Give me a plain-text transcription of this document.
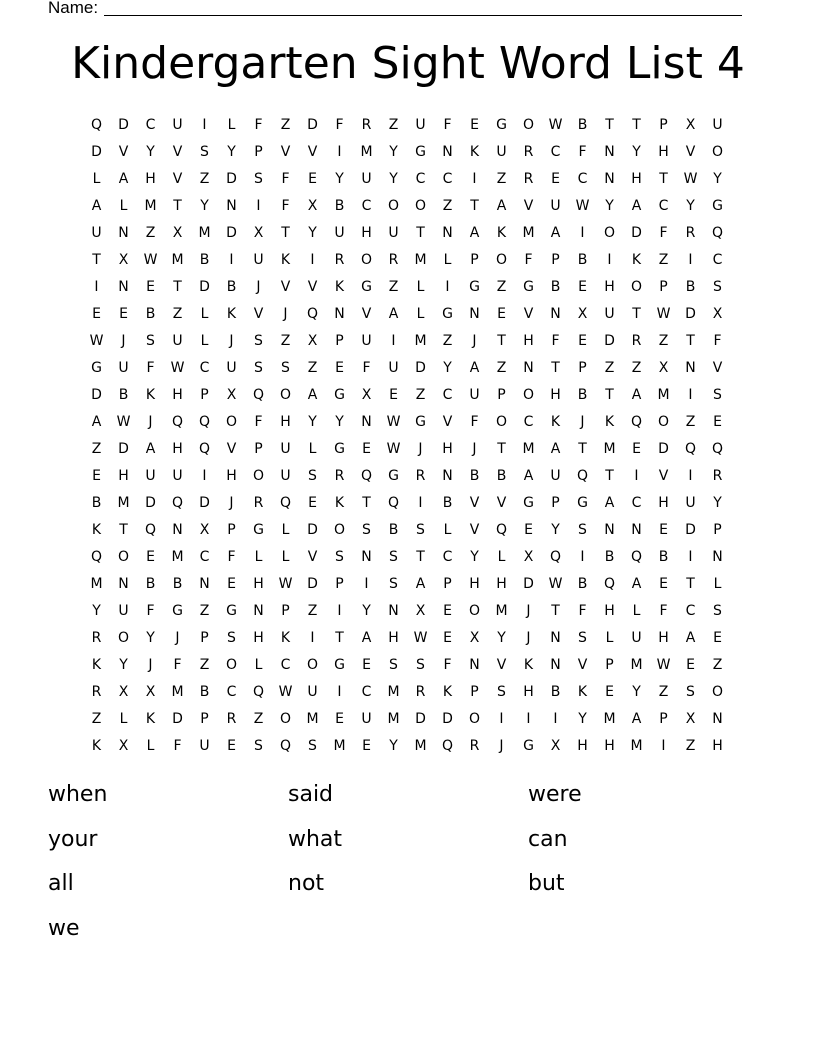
Name:
Kindergarten Sight Word List 4
Q	D	C	U	I	L	F	Z	D	F	R	Z	U	F	E	G	O	W	B	T	T	P	X	U
D	V	Y	V	S	Y	P	V	V	I	M	Y	G	N	K	U	R	C	F	N	Y	H	V	O
L	A	H	V	Z	D	S	F	E	Y	U	Y	C	C	I	Z	R	E	C	N	H	T	W	Y
A	L	M	T	Y	N	I	F	X	B	C	O	O	Z	T	A	V	U	W	Y	A	C	Y	G
U	N	Z	X	M	D	X	T	Y	U	H	U	T	N	A	K	M	A	I	O	D	F	R	Q
T	X	W	M	B	I	U	K	I	R	O	R	M	L	P	O	F	P	B	I	K	Z	I	C
I	N	E	T	D	B	J	V	V	K	G	Z	L	I	G	Z	G	B	E	H	O	P	B	S
E	E	B	Z	L	K	V	J	Q	N	V	A	L	G	N	E	V	N	X	U	T	W	D	X
W	J	S	U	L	J	S	Z	X	P	U	I	M	Z	J	T	H	F	E	D	R	Z	T	F
G	U	F	W	C	U	S	S	Z	E	F	U	D	Y	A	Z	N	T	P	Z	Z	X	N	V
D	B	K	H	P	X	Q	O	A	G	X	E	Z	C	U	P	O	H	B	T	A	M	I	S
A	W	J	Q	Q	O	F	H	Y	Y	N	W	G	V	F	O	C	K	J	K	Q	O	Z	E
Z	D	A	H	Q	V	P	U	L	G	E	W	J	H	J	T	M	A	T	M	E	D	Q	Q
E	H	U	U	I	H	O	U	S	R	Q	G	R	N	B	B	A	U	Q	T	I	V	I	R
B	M	D	Q	D	J	R	Q	E	K	T	Q	I	B	V	V	G	P	G	A	C	H	U	Y
K	T	Q	N	X	P	G	L	D	O	S	B	S	L	V	Q	E	Y	S	N	N	E	D	P
Q	O	E	M	C	F	L	L	V	S	N	S	T	C	Y	L	X	Q	I	B	Q	B	I	N
M	N	B	B	N	E	H	W	D	P	I	S	A	P	H	H	D	W	B	Q	A	E	T	L
Y	U	F	G	Z	G	N	P	Z	I	Y	N	X	E	O	M	J	T	F	H	L	F	C	S
R	O	Y	J	P	S	H	K	I	T	A	H	W	E	X	Y	J	N	S	L	U	H	A	E
K	Y	J	F	Z	O	L	C	O	G	E	S	S	F	N	V	K	N	V	P	M	W	E	Z
R	X	X	M	B	C	Q	W	U	I	C	M	R	K	P	S	H	B	K	E	Y	Z	S	O
Z	L	K	D	P	R	Z	O	M	E	U	M	D	D	O	I	I	I	Y	M	A	P	X	N
K	X	L	F	U	E	S	Q	S	M	E	Y	M	Q	R	J	G	X	H	H	M	I	Z	H
when	said	were
your	what	can
all	not	but
we
